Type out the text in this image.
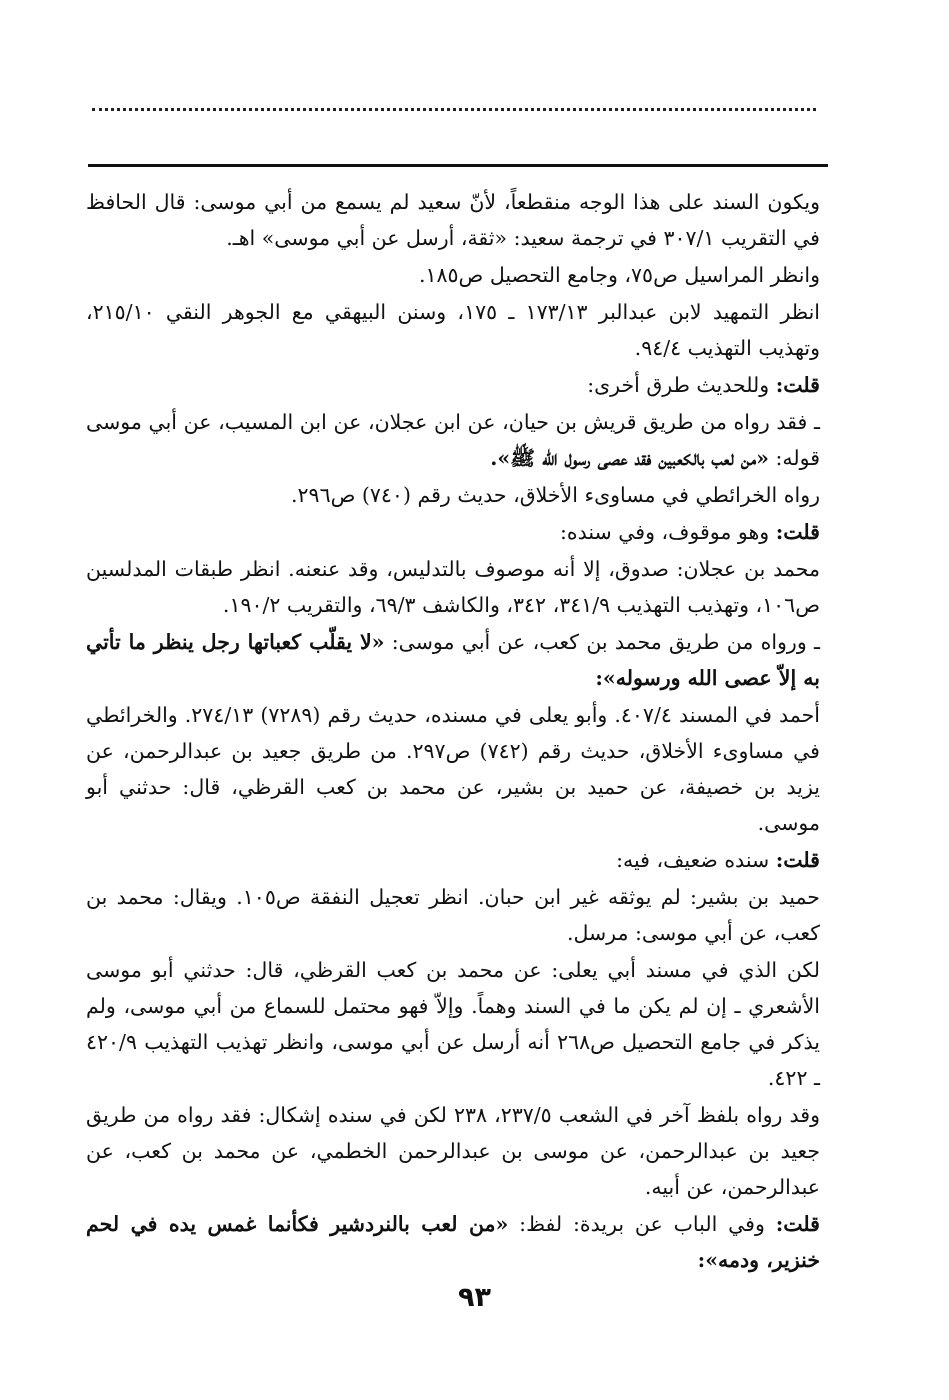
ويكون السند على هذا الوجه منقطعاً، لأنّ سعيد لم يسمع من أبي موسى: قال الحافظ في التقريب ٣٠٧/١ في ترجمة سعيد: «ثقة، أرسل عن أبي موسى» اهـ.

وانظر المراسيل ص٧٥، وجامع التحصيل ص١٨٥.

انظر التمهيد لابن عبدالبر ١٧٣/١٣ ـ ١٧٥، وسنن البيهقي مع الجوهر النقي ٢١٥/١٠، وتهذيب التهذيب ٩٤/٤.

قلت: وللحديث طرق أخرى:

ـ فقد رواه من طريق قريش بن حيان، عن ابن عجلان، عن ابن المسيب، عن أبي موسى قوله: «من لعب بالكعبين فقد عصى رسول الله ﷺ».

رواه الخرائطي في مساوىء الأخلاق، حديث رقم (٧٤٠) ص٢٩٦.

قلت: وهو موقوف، وفي سنده:

محمد بن عجلان: صدوق، إلا أنه موصوف بالتدليس، وقد عنعنه. انظر طبقات المدلسين ص١٠٦، وتهذيب التهذيب ٣٤١/٩، ٣٤٢، والكاشف ٦٩/٣، والتقريب ١٩٠/٢.

ـ ورواه من طريق محمد بن كعب، عن أبي موسى: «لا يقلّب كعباتها رجل ينظر ما تأتي به إلاّ عصى الله ورسوله»:

أحمد في المسند ٤٠٧/٤. وأبو يعلى في مسنده، حديث رقم (٧٢٨٩) ٢٧٤/١٣. والخرائطي في مساوىء الأخلاق، حديث رقم (٧٤٢) ص٢٩٧. من طريق جعيد بن عبدالرحمن، عن يزيد بن خصيفة، عن حميد بن بشير، عن محمد بن كعب القرظي، قال: حدثني أبو موسى.

قلت: سنده ضعيف، فيه:

حميد بن بشير: لم يوثقه غير ابن حبان. انظر تعجيل النفقة ص١٠٥. ويقال: محمد بن كعب، عن أبي موسى: مرسل.

لكن الذي في مسند أبي يعلى: عن محمد بن كعب القرظي، قال: حدثني أبو موسى الأشعري ـ إن لم يكن ما في السند وهماً. وإلاّ فهو محتمل للسماع من أبي موسى، ولم يذكر في جامع التحصيل ص٢٦٨ أنه أرسل عن أبي موسى، وانظر تهذيب التهذيب ٤٢٠/٩ ـ ٤٢٢.

وقد رواه بلفظ آخر في الشعب ٢٣٧/٥، ٢٣٨ لكن في سنده إشكال: فقد رواه من طريق جعيد بن عبدالرحمن، عن موسى بن عبدالرحمن الخطمي، عن محمد بن كعب، عن عبدالرحمن، عن أبيه.

قلت: وفي الباب عن بريدة: لفظ: «من لعب بالنردشير فكأنما غمس يده في لحم خنزير، ودمه»:

٩٣
